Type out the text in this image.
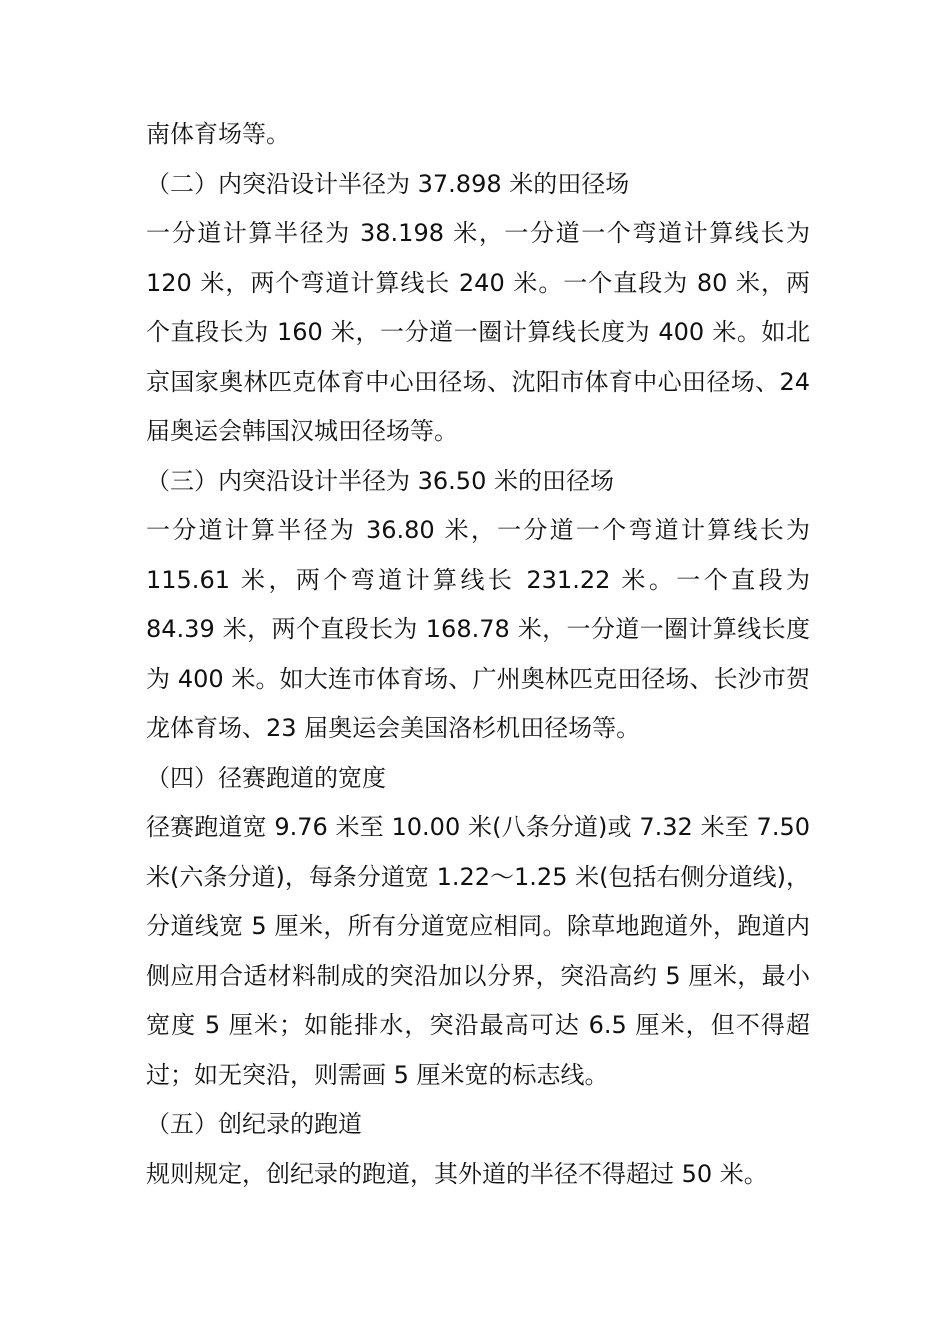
南体育场等。

（二）内突沿设计半径为 37.898 米的田径场

一分道计算半径为 38.198 米，一分道一个弯道计算线长为 120 米，两个弯道计算线长 240 米。一个直段为 80 米，两个直段长为 160 米，一分道一圈计算线长度为 400 米。如北京国家奥林匹克体育中心田径场、沈阳市体育中心田径场、24 届奥运会韩国汉城田径场等。

（三）内突沿设计半径为 36.50 米的田径场

一分道计算半径为 36.80 米，一分道一个弯道计算线长为 115.61 米，两个弯道计算线长 231.22 米。一个直段为 84.39 米，两个直段长为 168.78 米，一分道一圈计算线长度为 400 米。如大连市体育场、广州奥林匹克田径场、长沙市贺龙体育场、23 届奥运会美国洛杉机田径场等。

（四）径赛跑道的宽度

径赛跑道宽 9.76 米至 10.00 米(八条分道)或 7.32 米至 7.50 米(六条分道)，每条分道宽 1.22～1.25 米(包括右侧分道线)，分道线宽 5 厘米，所有分道宽应相同。除草地跑道外，跑道内侧应用合适材料制成的突沿加以分界，突沿高约 5 厘米，最小宽度 5 厘米；如能排水，突沿最高可达 6.5 厘米，但不得超过；如无突沿，则需画 5 厘米宽的标志线。

（五）创纪录的跑道

规则规定，创纪录的跑道，其外道的半径不得超过 50 米。
